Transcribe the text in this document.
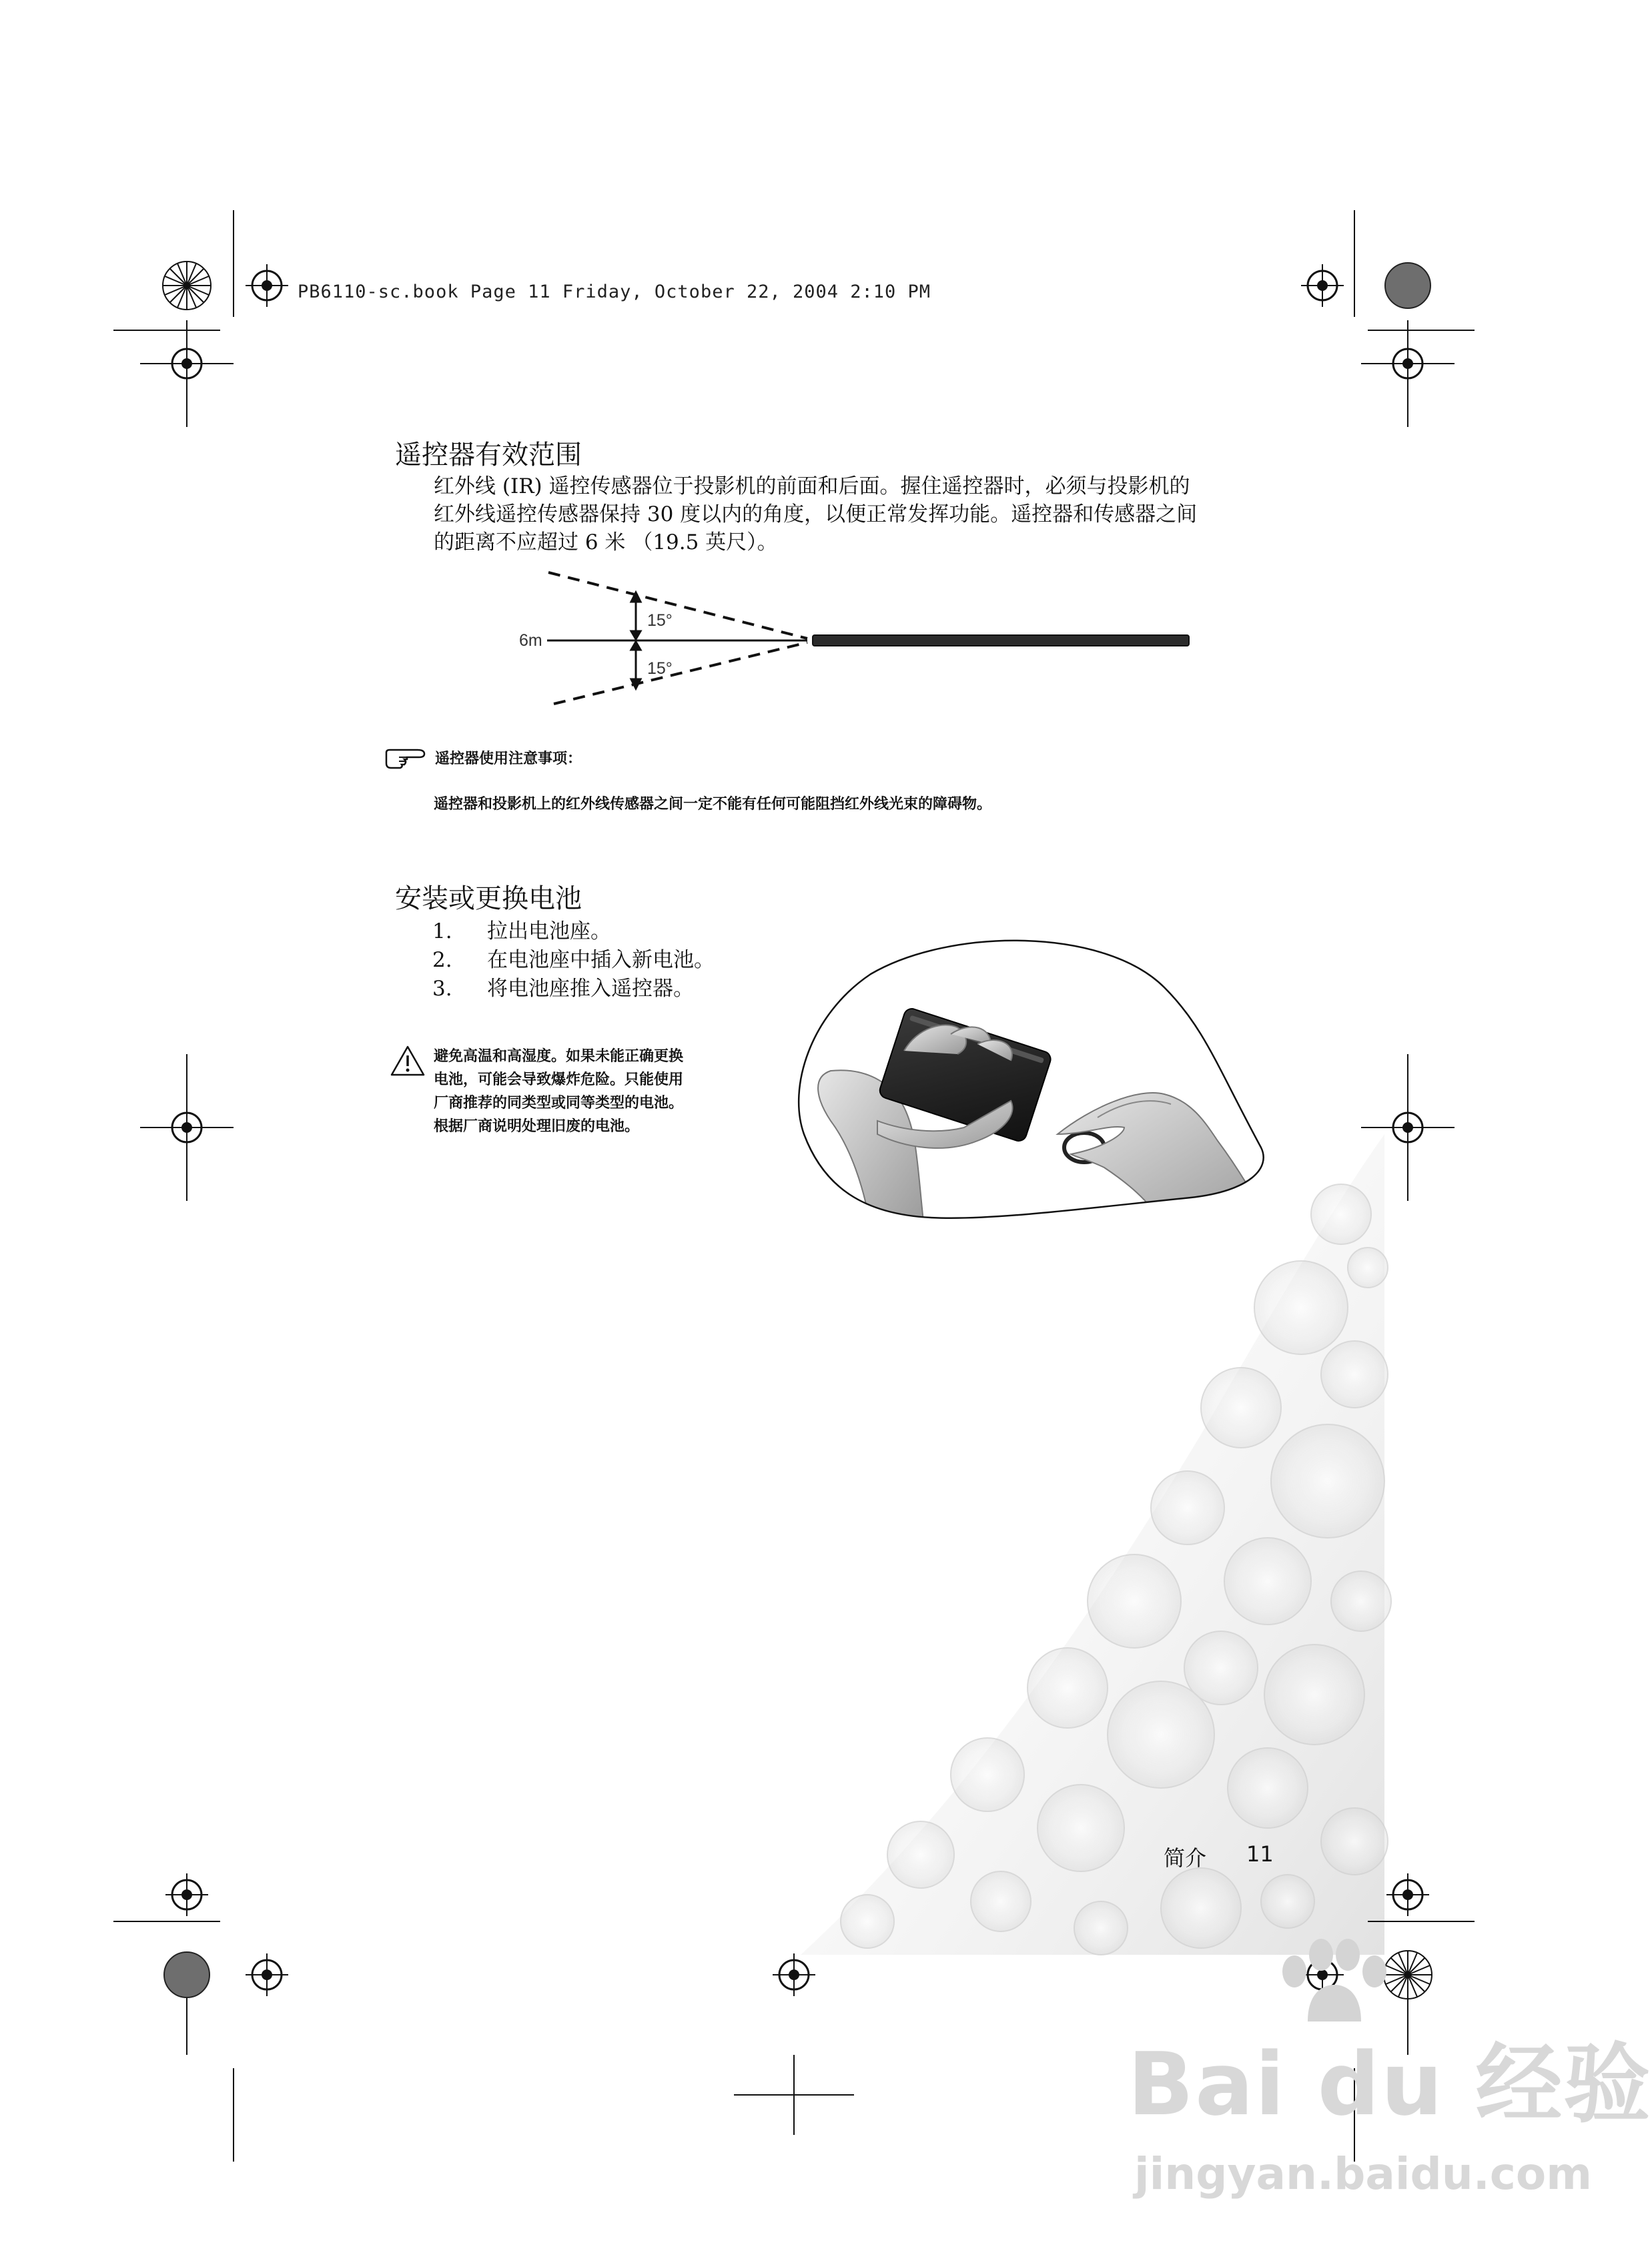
PB6110-sc.book Page 11 Friday, October 22, 2004 2:10 PM
遥控器有效范围
红外线 (IR) 遥控传感器位于投影机的前面和后面。握住遥控器时，必须与投影机的
红外线遥控传感器保持 30 度以内的角度，以便正常发挥功能。遥控器和传感器之间
的距离不应超过 6 米 （19.5 英尺）。
6m
15°
15°
遥控器使用注意事项：
遥控器和投影机上的红外线传感器之间一定不能有任何可能阻挡红外线光束的障碍物。
安装或更换电池
1. 拉出电池座。
2. 在电池座中插入新电池。
3. 将电池座推入遥控器。
避免高温和高湿度。如果未能正确更换
电池，可能会导致爆炸危险。只能使用
厂商推荐的同类型或同等类型的电池。
根据厂商说明处理旧废的电池。
简介 11
Bai du 经验
jingyan.baidu.com
